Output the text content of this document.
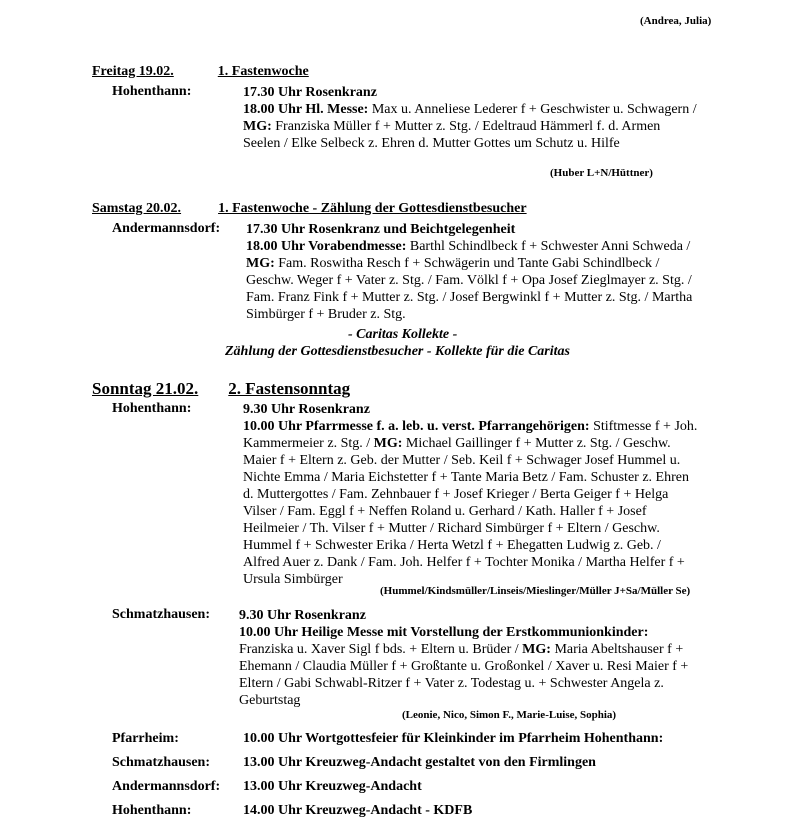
(Andrea, Julia)
Freitag 19.02.	1. Fastenwoche
Hohenthann:	17.30 Uhr Rosenkranz
18.00 Uhr Hl. Messe: Max u. Anneliese Lederer f + Geschwister u. Schwagern /
MG: Franziska Müller f + Mutter z. Stg. / Edeltraud Hämmerl f. d. Armen
Seelen / Elke Selbeck z. Ehren d. Mutter Gottes um Schutz u. Hilfe
(Huber L+N/Hüttner)
Samstag 20.02.	1. Fastenwoche - Zählung der Gottesdienstbesucher
Andermannsdorf: 17.30 Uhr Rosenkranz und Beichtgelegenheit
18.00 Uhr Vorabendmesse: Barthl Schindlbeck f + Schwester Anni Schweda /
MG: Fam. Roswitha Resch f + Schwägerin und Tante Gabi Schindlbeck /
Geschw. Weger f + Vater z. Stg. / Fam. Völkl f + Opa Josef Zieglmayer z. Stg. /
Fam. Franz Fink f + Mutter z. Stg. / Josef Bergwinkl f + Mutter z. Stg. / Martha
Simbürger f + Bruder z. Stg.
- Caritas Kollekte -
Zählung der Gottesdienstbesucher - Kollekte für die Caritas
Sonntag 21.02. 2. Fastensonntag
Hohenthann:	9.30 Uhr Rosenkranz
10.00 Uhr Pfarrmesse f. a. leb. u. verst. Pfarrangehörigen: Stiftmesse f + Joh.
Kammermeier z. Stg. / MG: Michael Gaillinger f + Mutter z. Stg. / Geschw.
Maier f + Eltern z. Geb. der Mutter / Seb. Keil f + Schwager Josef Hummel u.
Nichte Emma / Maria Eichstetter f + Tante Maria Betz / Fam. Schuster z. Ehren
d. Muttergottes / Fam. Zehnbauer f + Josef Krieger / Berta Geiger f + Helga
Vilser / Fam. Eggl f + Neffen Roland u. Gerhard / Kath. Haller f + Josef
Heilmeier / Th. Vilser f + Mutter / Richard Simbürger f + Eltern / Geschw.
Hummel f + Schwester Erika / Herta Wetzl f + Ehegatten Ludwig z. Geb. /
Alfred Auer z. Dank / Fam. Joh. Helfer f + Tochter Monika / Martha Helfer f +
Ursula Simbürger
(Hummel/Kindsmüller/Linseis/Mieslinger/Müller J+Sa/Müller Se)
Schmatzhausen: 9.30 Uhr Rosenkranz
10.00 Uhr Heilige Messe mit Vorstellung der Erstkommunionkinder:
Franziska u. Xaver Sigl f bds. + Eltern u. Brüder / MG: Maria Abeltshauser f +
Ehemann / Claudia Müller f + Großtante u. Großonkel / Xaver u. Resi Maier f +
Eltern / Gabi Schwabl-Ritzer f + Vater z. Todestag u. + Schwester Angela z.
Geburtstag
(Leonie, Nico, Simon F., Marie-Luise, Sophia)
Pfarrheim:	10.00 Uhr Wortgottesfeier für Kleinkinder im Pfarrheim Hohenthann:
Schmatzhausen: 13.00 Uhr Kreuzweg-Andacht gestaltet von den Firmlingen
Andermannsdorf: 13.00 Uhr Kreuzweg-Andacht
Hohenthann:	14.00 Uhr Kreuzweg-Andacht - KDFB
